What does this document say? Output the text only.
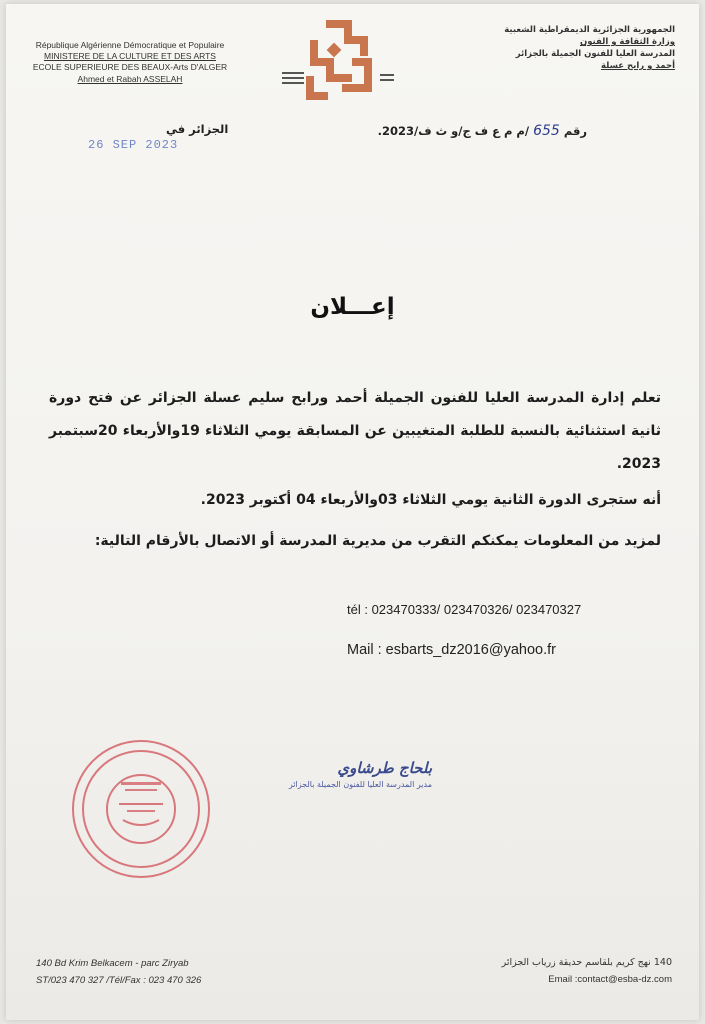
République Algérienne Démocratique et Populaire
MINISTERE DE LA CULTURE ET DES ARTS
ECOLE SUPERIEURE DES BEAUX-Arts D'ALGER
Ahmed et Rabah ASSELAH
الجمهورية الجزائرية الديمقراطية الشعبية
وزارة الثقافة و الفنون
المدرسة العليا للفنون الجميلة بالجزائر
أحمد و رابح عسلة
رقم 655 /م م ع ف ج/و ث ف/2023.
الجزائر في
26 SEP 2023
إعـــلان
تعلم إدارة المدرسة العليا للفنون الجميلة أحمد ورابح سليم عسلة الجزائر عن فتح دورة ثانية استثنائية بالنسبة للطلبة المتغيبين عن المسابقة يومي الثلاثاء 19والأربعاء 20سبتمبر 2023.
أنه ستجرى الدورة الثانية يومي الثلاثاء 03والأربعاء 04 أكتوبر 2023.
لمزيد من المعلومات يمكنكم التقرب من مديرية المدرسة أو الاتصال بالأرقام التالية:
tél : 023470333/ 023470326/ 023470327
Mail : esbarts_dz2016@yahoo.fr
بلحاج طرشاوي
مدير المدرسة العليا للفنون الجميلة بالجزائر
140 Bd Krim Belkacem - parc Ziryab
ST/023 470 327 /Tél/Fax : 023 470 326
140 نهج كريم بلقاسم حديقة زرياب الجزائر
Email :contact@esba-dz.com
